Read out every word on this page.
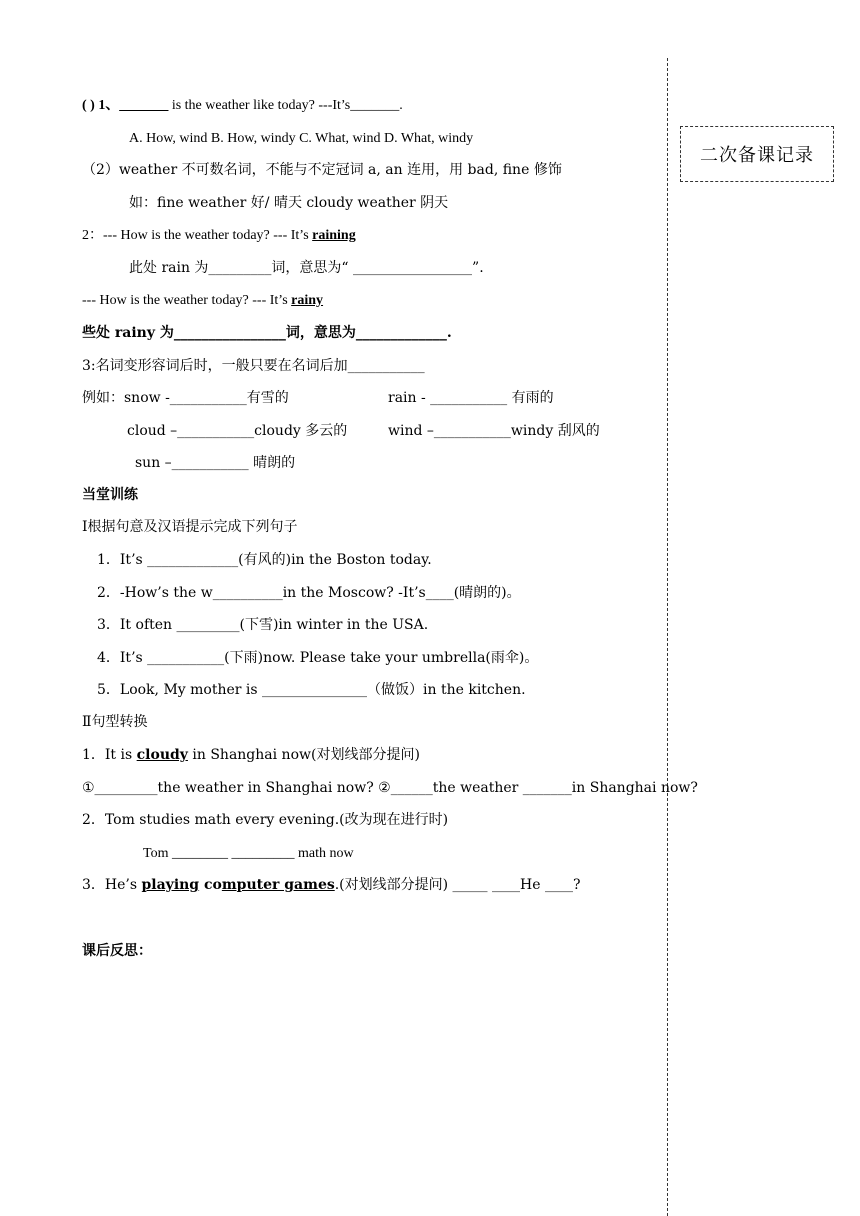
二次备课记录
( ) 1、_______ is the weather like today? ---It’s_______.
A. How, wind B. How, windy C. What, wind D. What, windy
（2）weather 不可数名词，不能与不定冠词 a, an 连用，用 bad, fine 修饰
如：fine weather 好/ 晴天 cloudy weather 阴天
2：--- How is the weather today? --- It’s raining
此处 rain 为_________词，意思为“ _________________”.
--- How is the weather today? --- It’s rainy
些处 rainy 为________________词，意思为_____________.
3:名词变形容词后时，一般只要在名词后加___________
例如：snow -___________有雪的	rain - ___________ 有雨的
cloud –___________cloudy 多云的	wind –___________windy 刮风的
sun –___________ 晴朗的
当堂训练
Ⅰ根据句意及汉语提示完成下列句子
1．It’s _____________(有风的)in the Boston today.
2．-How’s the w__________in the Moscow? -It’s____(晴朗的)。
3．It often _________(下雪)in winter in the USA.
4．It’s ___________(下雨)now. Please take your umbrella(雨伞)。
5．Look, My mother is _______________（做饭）in the kitchen.
Ⅱ句型转换
1．It is cloudy in Shanghai now(对划线部分提问)
①_________the weather in Shanghai now? ②______the weather _______in Shanghai now?
2．Tom studies math every evening.(改为现在进行时)
Tom ________ _________ math now
3．He’s playing computer games.(对划线部分提问) _____ ____He ____?
课后反思：
